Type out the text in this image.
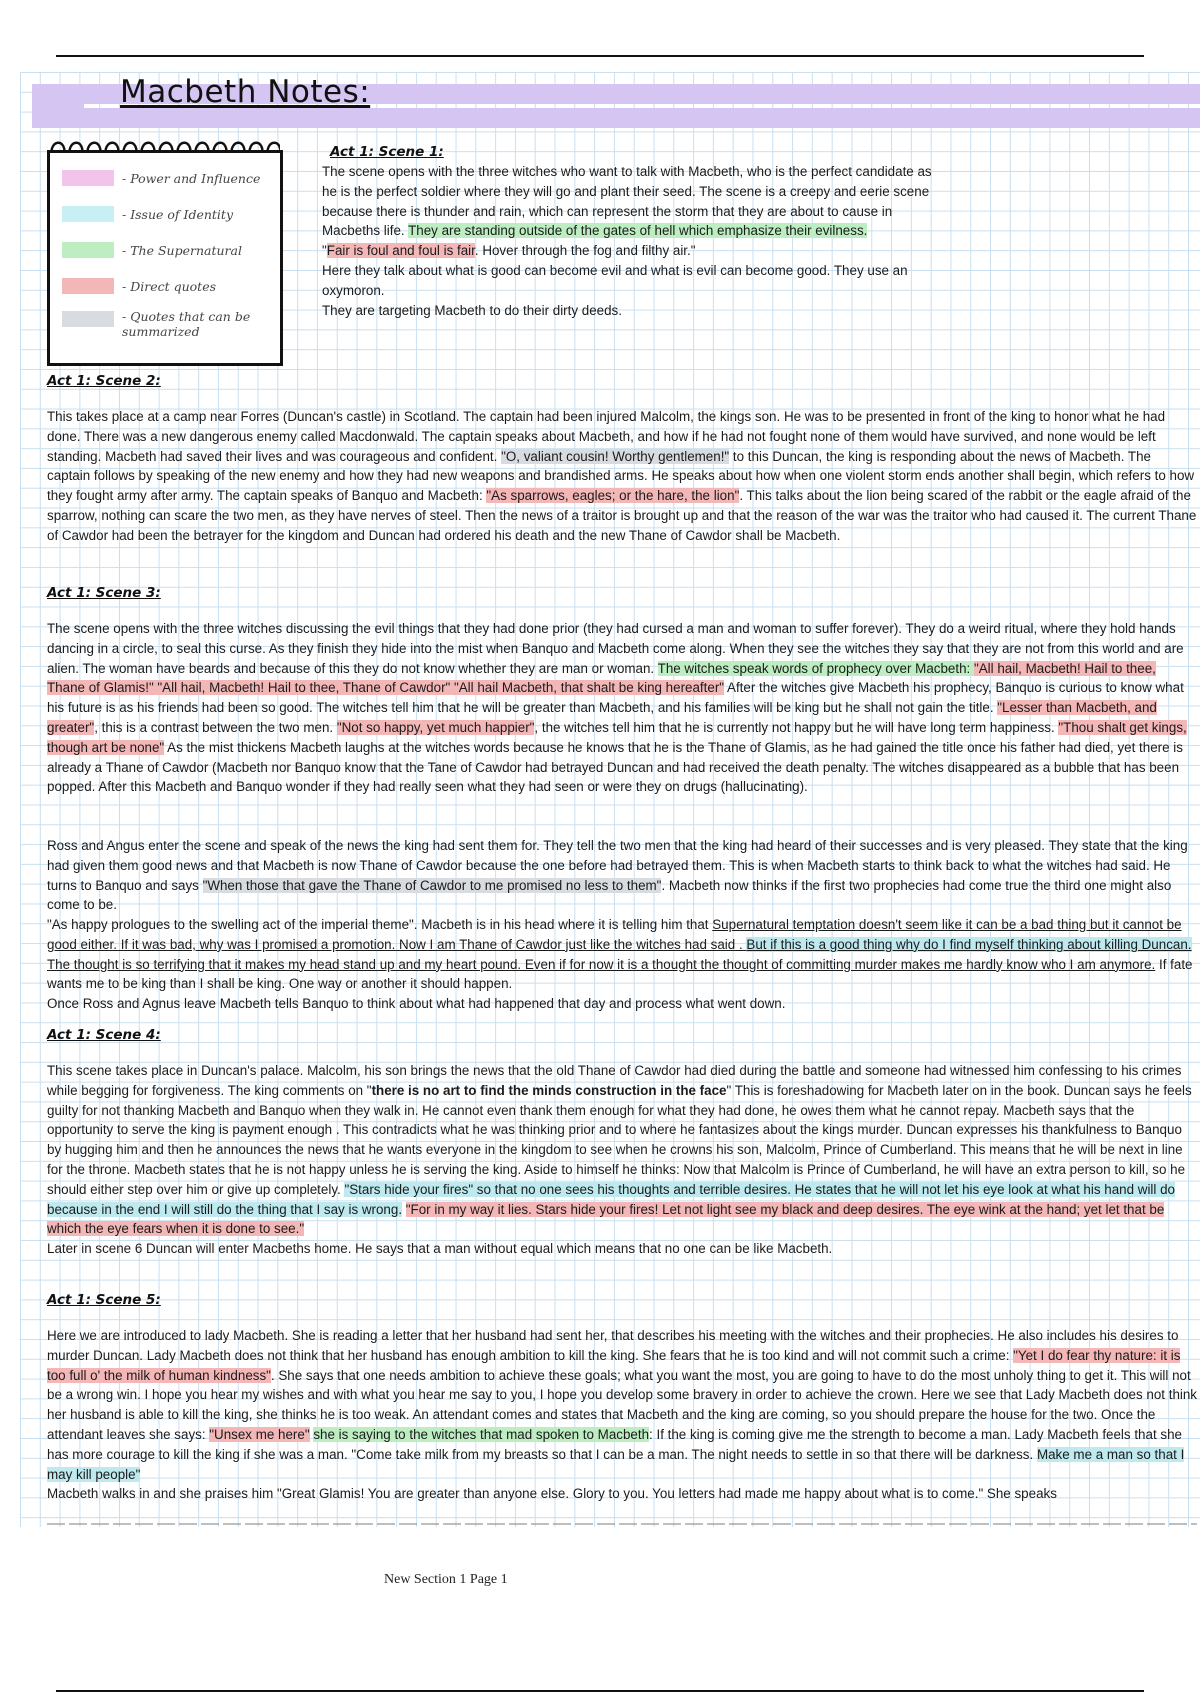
Macbeth Notes:
- Power and Influence
- Issue of Identity
- The Supernatural
- Direct quotes
- Quotes that can be summarized
Act 1: Scene 1:

The scene opens with the three witches who want to talk with Macbeth, who is the perfect candidate as
he is the perfect soldier where they will go and plant their seed. The scene is a creepy and eerie scene
because there is thunder and rain, which can represent the storm that they are about to cause in
Macbeths life. They are standing outside of the gates of hell which emphasize their evilness.
"Fair is foul and foul is fair. Hover through the fog and filthy air."
Here they talk about what is good can become evil and what is evil can become good. They use an
oxymoron.
They are targeting Macbeth to do their dirty deeds.

Act 1: Scene 2:

This takes place at a camp near Forres (Duncan's castle) in Scotland. The captain had been injured Malcolm, the kings son. He was to be presented in front of the king to honor what he had done. There was a new dangerous enemy called Macdonwald. The captain speaks about Macbeth, and how if he had not fought none of them would have survived, and none would be left standing. Macbeth had saved their lives and was courageous and confident. "O, valiant cousin! Worthy gentlemen!" to this Duncan, the king is responding about the news of Macbeth. The captain follows by speaking of the new enemy and how they had new weapons and brandished arms. He speaks about how when one violent storm ends another shall begin, which refers to how they fought army after army. The captain speaks of Banquo and Macbeth: "As sparrows, eagles; or the hare, the lion". This talks about the lion being scared of the rabbit or the eagle afraid of the sparrow, nothing can scare the two men, as they have nerves of steel. Then the news of a traitor is brought up and that the reason of the war was the traitor who had caused it. The current Thane of Cawdor had been the betrayer for the kingdom and Duncan had ordered his death and the new Thane of Cawdor shall be Macbeth.

Act 1: Scene 3:

The scene opens with the three witches discussing the evil things that they had done prior (they had cursed a man and woman to suffer forever). They do a weird ritual, where they hold hands dancing in a circle, to seal this curse. As they finish they hide into the mist when Banquo and Macbeth come along. When they see the witches they say that they are not from this world and are alien. The woman have beards and because of this they do not know whether they are man or woman. The witches speak words of prophecy over Macbeth: "All hail, Macbeth! Hail to thee, Thane of Glamis!" "All hail, Macbeth! Hail to thee, Thane of Cawdor" "All hail Macbeth, that shalt be king hereafter" After the witches give Macbeth his prophecy, Banquo is curious to know what his future is as his friends had been so good. The witches tell him that he will be greater than Macbeth, and his families will be king but he shall not gain the title. "Lesser than Macbeth, and greater", this is a contrast between the two men. "Not so happy, yet much happier", the witches tell him that he is currently not happy but he will have long term happiness. "Thou shalt get kings, though art be none" As the mist thickens Macbeth laughs at the witches words because he knows that he is the Thane of Glamis, as he had gained the title once his father had died, yet there is already a Thane of Cawdor (Macbeth nor Banquo know that the Tane of Cawdor had betrayed Duncan and had received the death penalty. The witches disappeared as a bubble that has been popped. After this Macbeth and Banquo wonder if they had really seen what they had seen or were they on drugs (hallucinating).

Ross and Angus enter the scene and speak of the news the king had sent them for. They tell the two men that the king had heard of their successes and is very pleased. They state that the king had given them good news and that Macbeth is now Thane of Cawdor because the one before had betrayed them. This is when Macbeth starts to think back to what the witches had said. He turns to Banquo and says "When those that gave the Thane of Cawdor to me promised no less to them". Macbeth now thinks if the first two prophecies had come true the third one might also come to be.

"As happy prologues to the swelling act of the imperial theme". Macbeth is in his head where it is telling him that Supernatural temptation doesn't seem like it can be a bad thing but it cannot be good either. If it was bad, why was I promised a promotion. Now I am Thane of Cawdor just like the witches had said . But if this is a good thing why do I find myself thinking about killing Duncan. The thought is so terrifying that it makes my head stand up and my heart pound. Even if for now it is a thought the thought of committing murder makes me hardly know who I am anymore. If fate wants me to be king than I shall be king. One way or another it should happen.
Once Ross and Agnus leave Macbeth tells Banquo to think about what had happened that day and process what went down.

Act 1: Scene 4:

This scene takes place in Duncan's palace. Malcolm, his son brings the news that the old Thane of Cawdor had died during the battle and someone had witnessed him confessing to his crimes while begging for forgiveness. The king comments on "there is no art to find the minds construction in the face" This is foreshadowing for Macbeth later on in the book. Duncan says he feels guilty for not thanking Macbeth and Banquo when they walk in. He cannot even thank them enough for what they had done, he owes them what he cannot repay. Macbeth says that the opportunity to serve the king is payment enough . This contradicts what he was thinking prior and to where he fantasizes about the kings murder. Duncan expresses his thankfulness to Banquo by hugging him and then he announces the news that he wants everyone in the kingdom to see when he crowns his son, Malcolm, Prince of Cumberland. This means that he will be next in line for the throne. Macbeth states that he is not happy unless he is serving the king. Aside to himself he thinks: Now that Malcolm is Prince of Cumberland, he will have an extra person to kill, so he should either step over him or give up completely. "Stars hide your fires" so that no one sees his thoughts and terrible desires. He states that he will not let his eye look at what his hand will do because in the end I will still do the thing that I say is wrong. "For in my way it lies. Stars hide your fires! Let not light see my black and deep desires. The eye wink at the hand; yet let that be which the eye fears when it is done to see."
Later in scene 6 Duncan will enter Macbeths home. He says that a man without equal which means that no one can be like Macbeth.

Act 1: Scene 5:

Here we are introduced to lady Macbeth. She is reading a letter that her husband had sent her, that describes his meeting with the witches and their prophecies. He also includes his desires to murder Duncan. Lady Macbeth does not think that her husband has enough ambition to kill the king. She fears that he is too kind and will not commit such a crime: "Yet I do fear thy nature: it is too full o' the milk of human kindness". She says that one needs ambition to achieve these goals; what you want the most, you are going to have to do the most unholy thing to get it. This will not be a wrong win. I hope you hear my wishes and with what you hear me say to you, I hope you develop some bravery in order to achieve the crown. Here we see that Lady Macbeth does not think her husband is able to kill the king, she thinks he is too weak. An attendant comes and states that Macbeth and the king are coming, so you should prepare the house for the two. Once the attendant leaves she says: "Unsex me here" she is saying to the witches that mad spoken to Macbeth: If the king is coming give me the strength to become a man. Lady Macbeth feels that she has more courage to kill the king if she was a man. "Come take milk from my breasts so that I can be a man. The night needs to settle in so that there will be darkness. Make me a man so that I may kill people"
Macbeth walks in and she praises him "Great Glamis! You are greater than anyone else. Glory to you. You letters had made me happy about what is to come." She speaks

New Section 1 Page 1
